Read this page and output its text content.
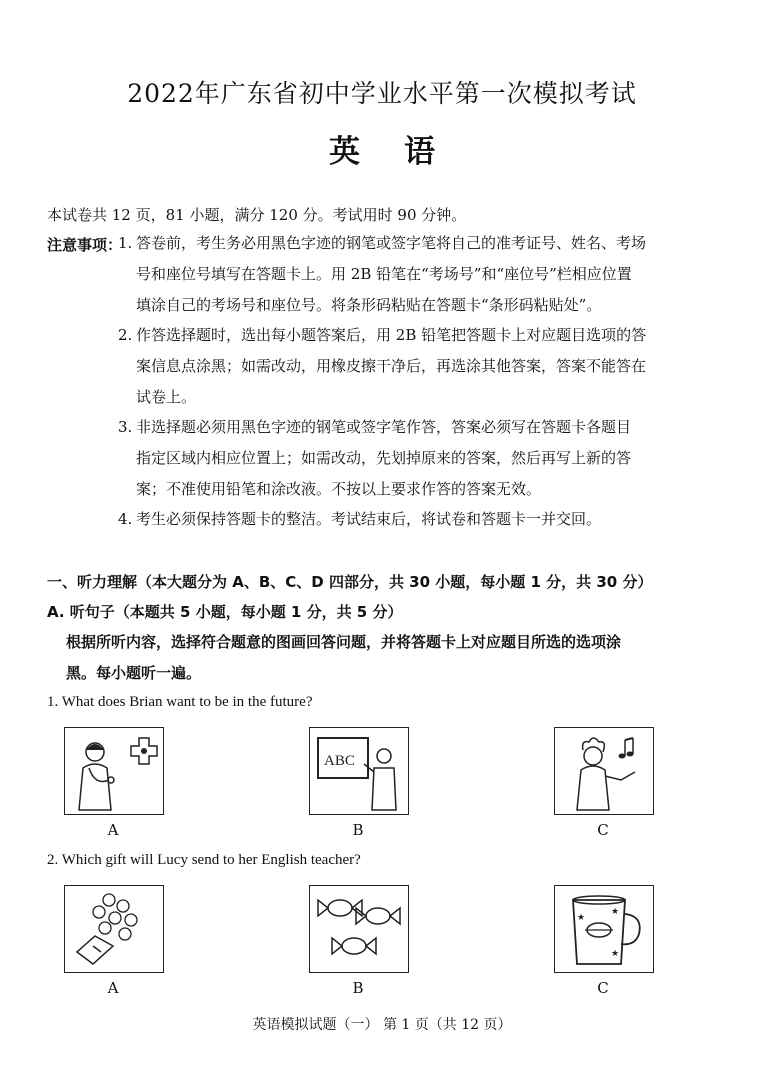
2022年广东省初中学业水平第一次模拟考试
英 语
本试卷共 12 页，81 小题，满分 120 分。考试用时 90 分钟。
注意事项：
1. 答卷前，考生务必用黑色字迹的钢笔或签字笔将自己的准考证号、姓名、考场
号和座位号填写在答题卡上。用 2B 铅笔在“考场号”和“座位号”栏相应位置
填涂自己的考场号和座位号。将条形码粘贴在答题卡“条形码粘贴处”。
2. 作答选择题时，选出每小题答案后，用 2B 铅笔把答题卡上对应题目选项的答
案信息点涂黑；如需改动，用橡皮擦干净后，再选涂其他答案，答案不能答在
试卷上。
3. 非选择题必须用黑色字迹的钢笔或签字笔作答，答案必须写在答题卡各题目
指定区域内相应位置上；如需改动，先划掉原来的答案，然后再写上新的答
案；不准使用铅笔和涂改液。不按以上要求作答的答案无效。
4. 考生必须保持答题卡的整洁。考试结束后，将试卷和答题卡一并交回。
一、听力理解（本大题分为 A、B、C、D 四部分，共 30 小题，每小题 1 分，共 30 分）
A. 听句子（本题共 5 小题，每小题 1 分，共 5 分）
根据所听内容，选择符合题意的图画回答问题，并将答题卡上对应题目所选的选项涂
黑。每小题听一遍。
1. What does Brian want to be in the future?
ABC
A	B	C
2. Which gift will Lucy send to her English teacher?
★
★
★
A	B	C
英语模拟试题（一） 第 1 页（共 12 页）
